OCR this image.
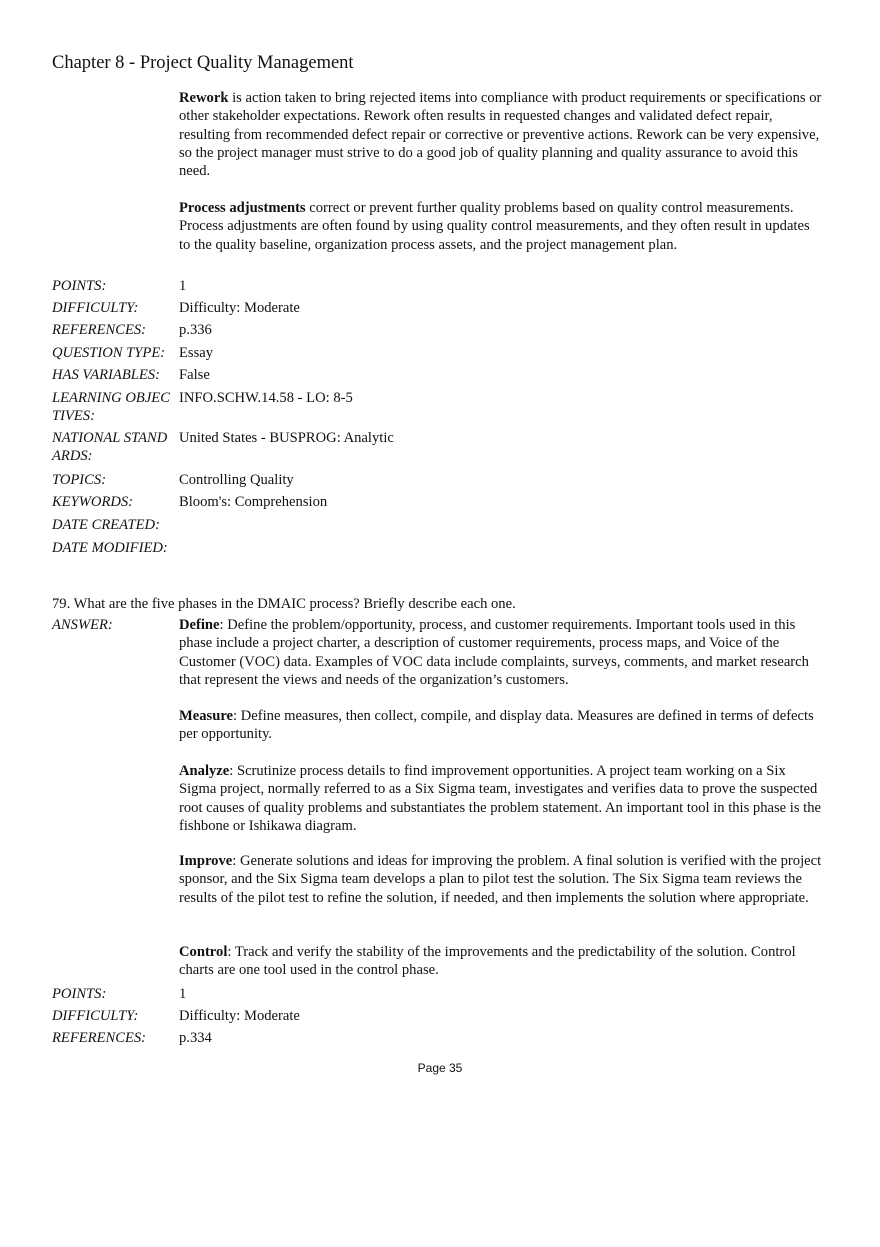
Chapter 8 - Project Quality Management

Rework is action taken to bring rejected items into compliance with product requirements or specifications or other stakeholder expectations. Rework often results in requested changes and validated defect repair, resulting from recommended defect repair or corrective or preventive actions. Rework can be very expensive, so the project manager must strive to do a good job of quality planning and quality assurance to avoid this need.

Process adjustments correct or prevent further quality problems based on quality control measurements. Process adjustments are often found by using quality control measurements, and they often result in updates to the quality baseline, organization process assets, and the project management plan.

POINTS:	1
DIFFICULTY:	Difficulty: Moderate
REFERENCES:	p.336
QUESTION TYPE: Essay
HAS VARIABLES:	False
LEARNING OBJECTIVES:
INFO.SCHW.14.58 - LO: 8-5
NATIONAL STANDARDS:
United States - BUSPROG: Analytic
TOPICS:	Controlling Quality
KEYWORDS:	Bloom's: Comprehension
DATE CREATED:
DATE MODIFIED:
79. What are the five phases in the DMAIC process? Briefly describe each one.
ANSWER:	Define: Define the problem/opportunity, process, and customer requirements. Important tools used in this phase include a project charter, a description of customer requirements, process maps, and Voice of the Customer (VOC) data. Examples of VOC data include complaints, surveys, comments, and market research that represent the views and needs of the organization’s customers.

Measure: Define measures, then collect, compile, and display data. Measures are defined in terms of defects per opportunity.

Analyze: Scrutinize process details to find improvement opportunities. A project team working on a Six Sigma project, normally referred to as a Six Sigma team, investigates and verifies data to prove the suspected root causes of quality problems and substantiates the problem statement. An important tool in this phase is the fishbone or Ishikawa diagram.

Improve: Generate solutions and ideas for improving the problem. A final solution is verified with the project sponsor, and the Six Sigma team develops a plan to pilot test the solution. The Six Sigma team reviews the results of the pilot test to refine the solution, if needed, and then implements the solution where appropriate.

Control: Track and verify the stability of the improvements and the predictability of the solution. Control charts are one tool used in the control phase.

POINTS:	1
DIFFICULTY:	Difficulty: Moderate
REFERENCES:	p.334
Page 35
